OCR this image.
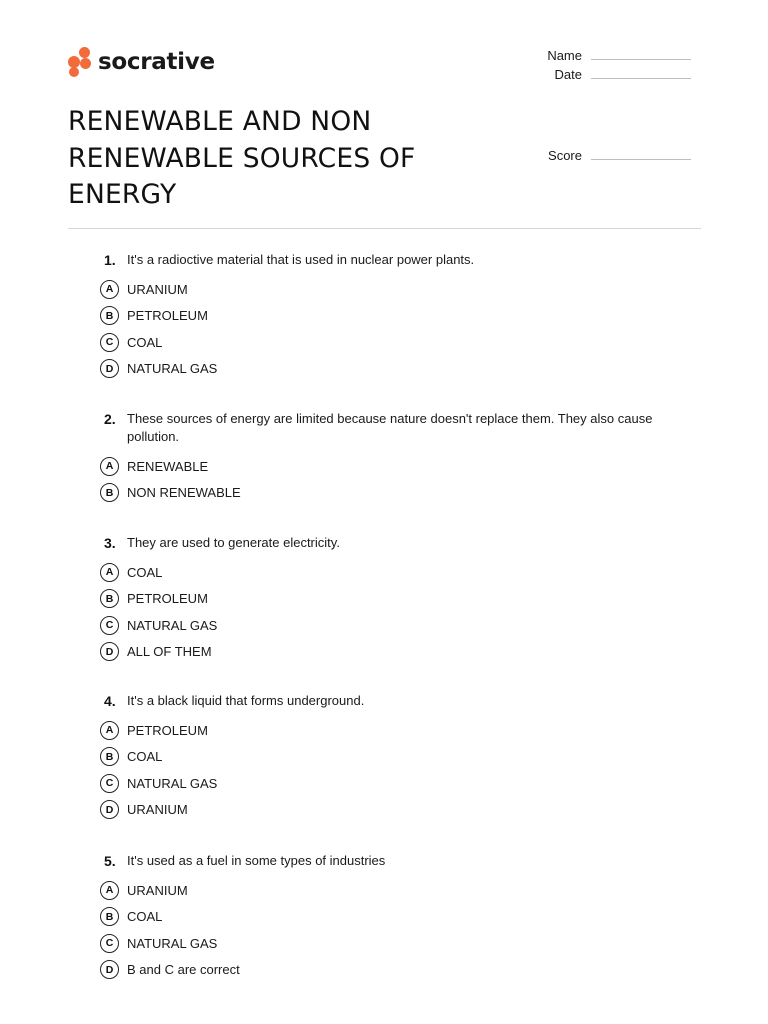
socrative	Name
Date
Score
RENEWABLE AND NON RENEWABLE SOURCES OF ENERGY
1. It's a radioctive material that is used in nuclear power plants.
A	URANIUM
B	PETROLEUM
C	COAL
D	NATURAL GAS
2. These sources of energy are limited because nature doesn't replace them. They also cause pollution.
A	RENEWABLE
B	NON RENEWABLE
3. They are used to generate electricity.
A	COAL
B	PETROLEUM
C	NATURAL GAS
D	ALL OF THEM
4. It's a black liquid that forms underground.
A	PETROLEUM
B	COAL
C	NATURAL GAS
D	URANIUM
5. It's used as a fuel in some types of industries
A	URANIUM
B	COAL
C	NATURAL GAS
D	B and C are correct
